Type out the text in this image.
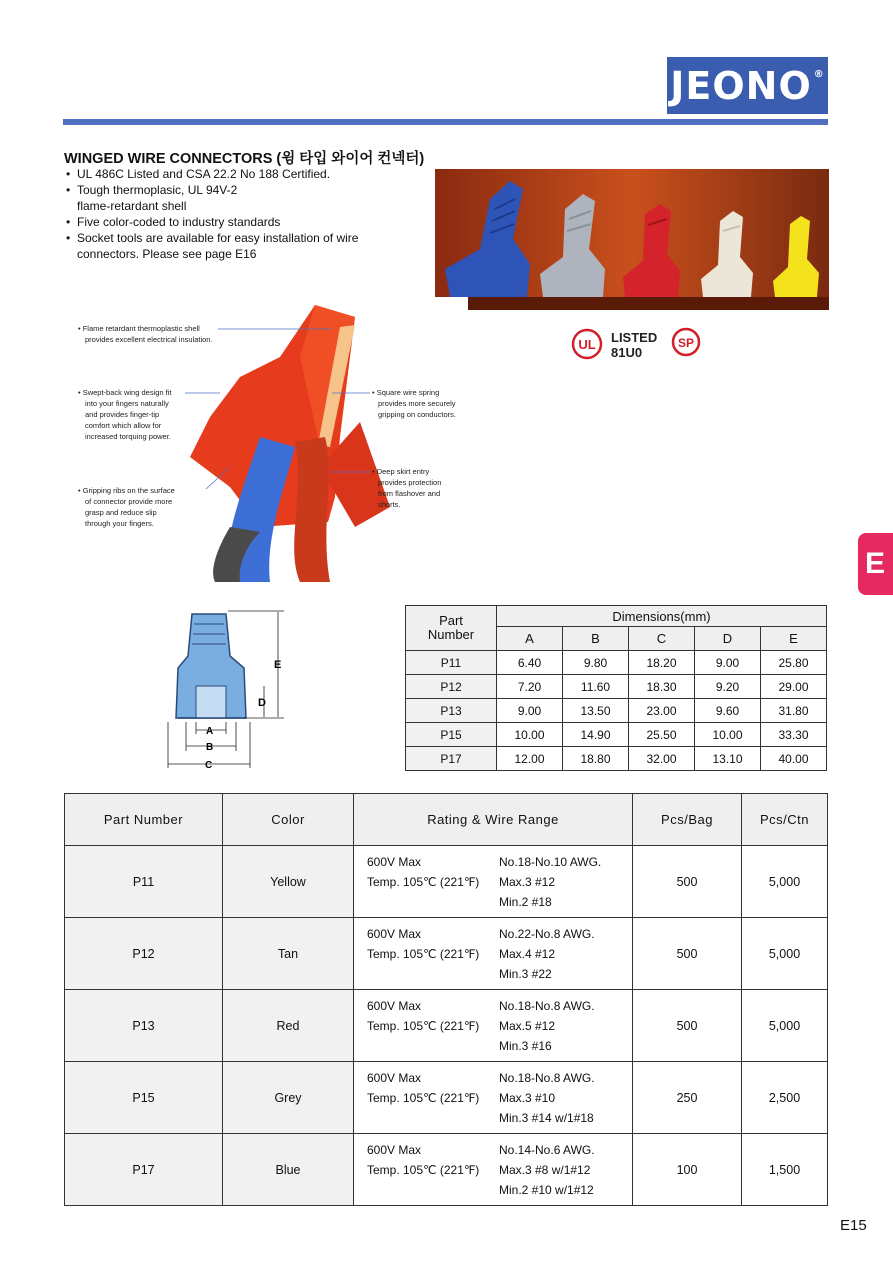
JEONO®
WINGED WIRE CONNECTORS (윙 타입 와이어 컨넥터)
• UL 486C Listed and CSA 22.2 No 188 Certified.
• Tough thermoplasic, UL 94V-2
flame-retardant shell
• Five color-coded to industry standards
• Socket tools are available for easy installation of wire
connectors. Please see page E16
UL LISTED
81U0
SP
• Flame retardant thermoplastic shell provides excellent electrical insulation.
• Swept-back wing design fit into your fingers naturally and provides finger-tip comfort which allow for increased torquing power.
• Square wire spring provides more securely gripping on conductors.
• Deep skirt entry provides protection from flashover and shorts.
• Gripping ribs on the surface of connector provide more grasp and reduce slip through your fingers.
E
E
D
A
B
C
Part
Number	Dimensions(mm)				
	A	B	C	D	E
P11	6.40	9.80	18.20	9.00	25.80
P12	7.20	11.60	18.30	9.20	29.00
P13	9.00	13.50	23.00	9.60	31.80
P15	10.00	14.90	25.50	10.00	33.30
P17	12.00	18.80	32.00	13.10	40.00
Part Number	Color	Rating & Wire Range	Pcs/Bag	Pcs/Ctn
P11	Yellow	600V Max
Temp. 105℃ (221℉)
No.18-No.10 AWG.
Max.3 #12
Min.2 #18	500	5,000
P12	Tan	600V Max
Temp. 105℃ (221℉)
No.22-No.8 AWG.
Max.4 #12
Min.3 #22	500	5,000
P13	Red	600V Max
Temp. 105℃ (221℉)
No.18-No.8 AWG.
Max.5 #12
Min.3 #16	500	5,000
P15	Grey	600V Max
Temp. 105℃ (221℉)
No.18-No.8 AWG.
Max.3 #10
Min.3 #14 w/1#18	250	2,500
P17	Blue	600V Max
Temp. 105℃ (221℉)
No.14-No.6 AWG.
Max.3 #8 w/1#12
Min.2 #10 w/1#12	100	1,500
E15
